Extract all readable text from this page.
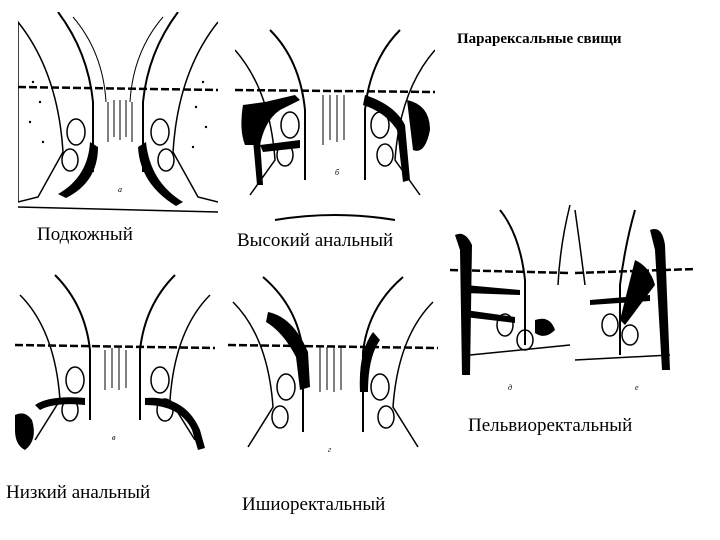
Парарексальные свищи
а
Подкожный
б
Высокий анальный
в
Низкий анальный
г
Ишиоректальный
д	е
Пельвиоректальный
